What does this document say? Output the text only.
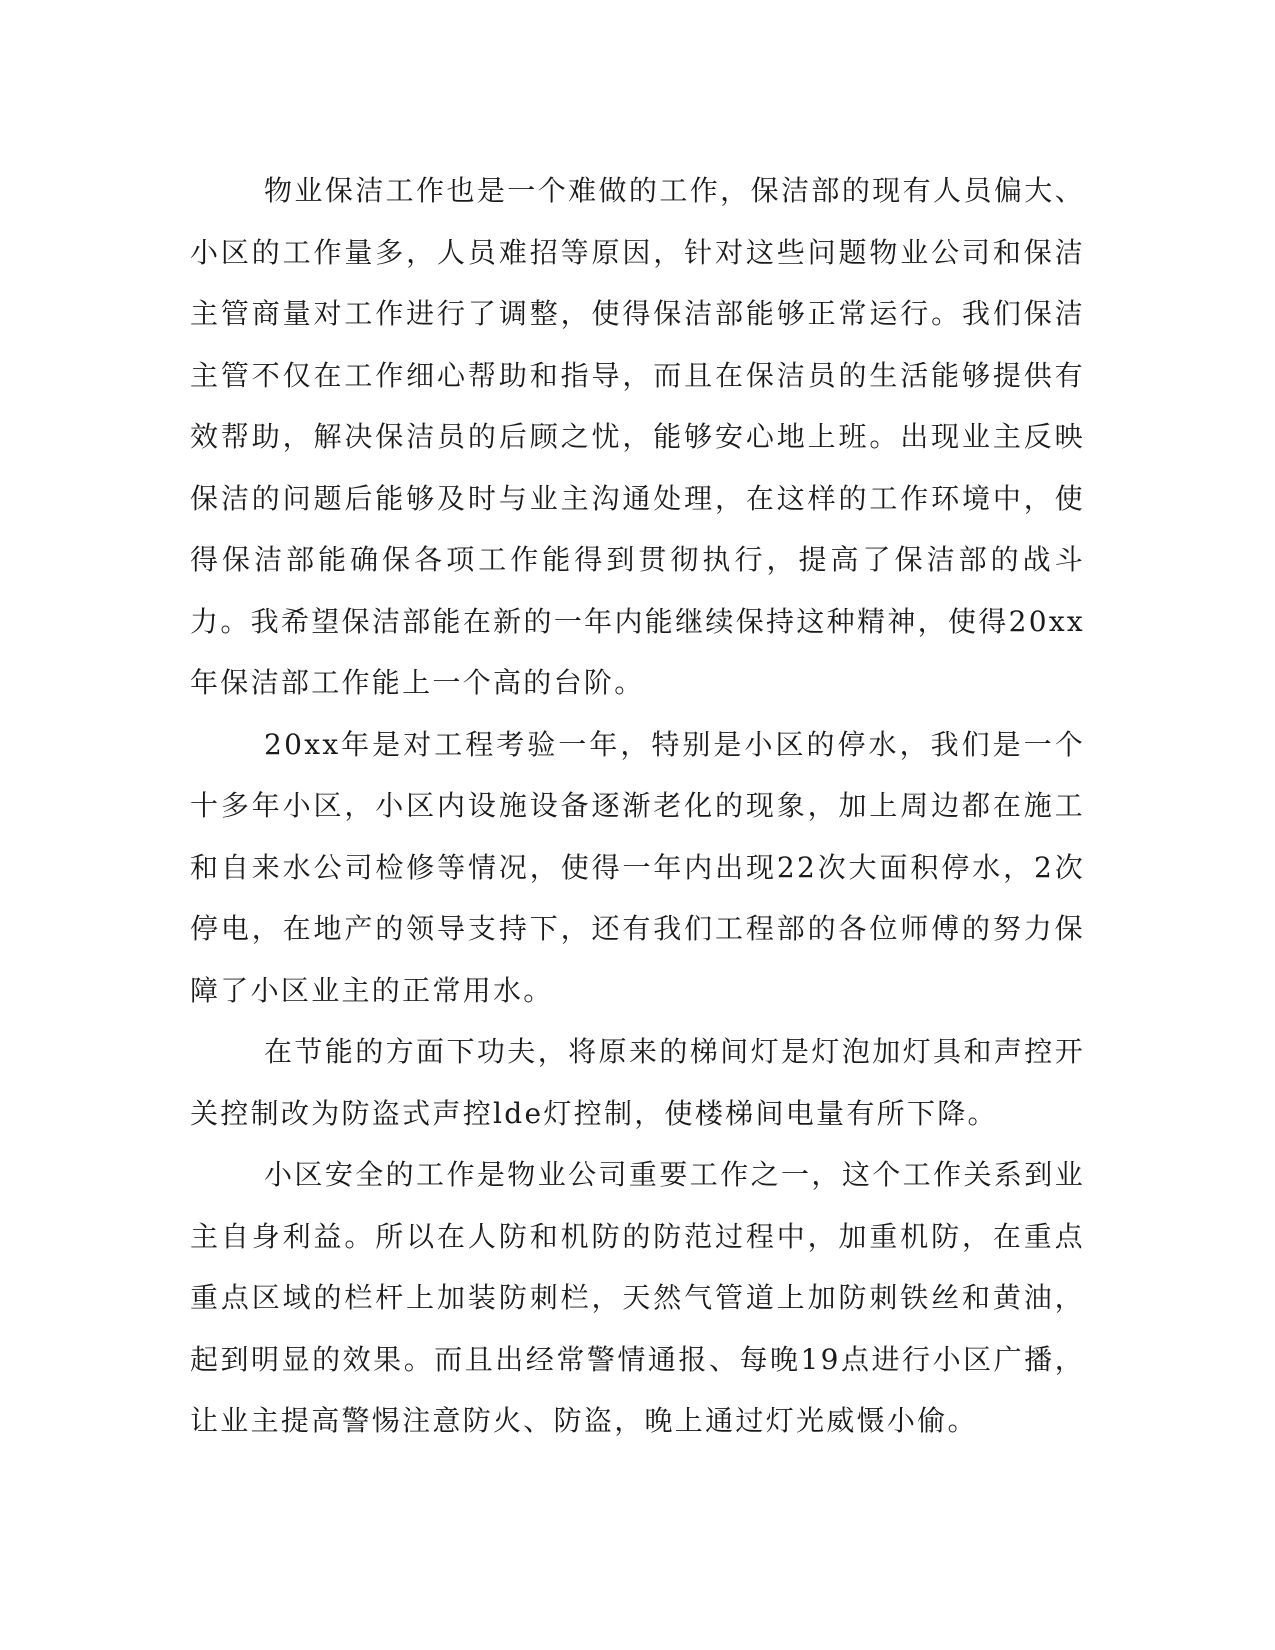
物业保洁工作也是一个难做的工作，保洁部的现有人员偏大、小区的工作量多，人员难招等原因，针对这些问题物业公司和保洁主管商量对工作进行了调整，使得保洁部能够正常运行。我们保洁主管不仅在工作细心帮助和指导，而且在保洁员的生活能够提供有效帮助，解决保洁员的后顾之忧，能够安心地上班。出现业主反映保洁的问题后能够及时与业主沟通处理，在这样的工作环境中，使得保洁部能确保各项工作能得到贯彻执行，提高了保洁部的战斗力。我希望保洁部能在新的一年内能继续保持这种精神，使得20xx年保洁部工作能上一个高的台阶。

20xx年是对工程考验一年，特别是小区的停水，我们是一个十多年小区，小区内设施设备逐渐老化的现象，加上周边都在施工和自来水公司检修等情况，使得一年内出现22次大面积停水，2次停电，在地产的领导支持下，还有我们工程部的各位师傅的努力保障了小区业主的正常用水。

在节能的方面下功夫，将原来的梯间灯是灯泡加灯具和声控开关控制改为防盗式声控lde灯控制，使楼梯间电量有所下降。

小区安全的工作是物业公司重要工作之一，这个工作关系到业主自身利益。所以在人防和机防的防范过程中，加重机防，在重点重点区域的栏杆上加装防刺栏，天然气管道上加防刺铁丝和黄油，起到明显的效果。而且出经常警情通报、每晚19点进行小区广播，让业主提高警惕注意防火、防盗，晚上通过灯光威慑小偷。
